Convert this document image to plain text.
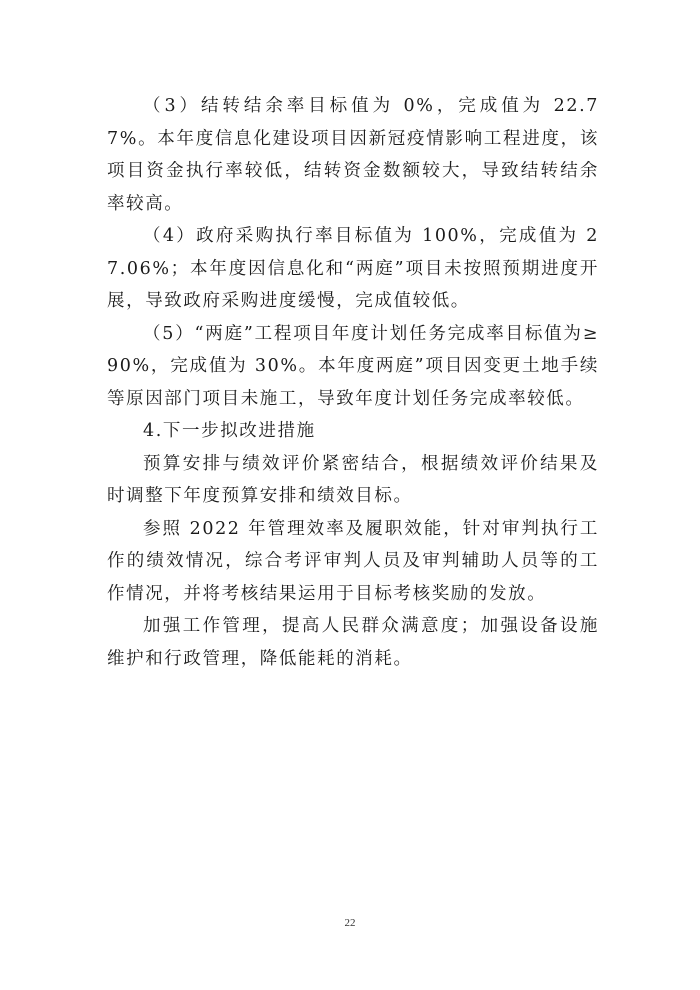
（3）结转结余率目标值为 0%，完成值为 22.77%。本年度信息化建设项目因新冠疫情影响工程进度，该项目资金执行率较低，结转资金数额较大，导致结转结余率较高。

（4）政府采购执行率目标值为 100%，完成值为 27.06%；本年度因信息化和“两庭”项目未按照预期进度开展，导致政府采购进度缓慢，完成值较低。

（5）“两庭”工程项目年度计划任务完成率目标值为≥90%，完成值为 30%。本年度两庭”项目因变更土地手续等原因部门项目未施工，导致年度计划任务完成率较低。

4.下一步拟改进措施

预算安排与绩效评价紧密结合，根据绩效评价结果及时调整下年度预算安排和绩效目标。

参照 2022 年管理效率及履职效能，针对审判执行工作的绩效情况，综合考评审判人员及审判辅助人员等的工作情况，并将考核结果运用于目标考核奖励的发放。

加强工作管理，提高人民群众满意度；加强设备设施维护和行政管理，降低能耗的消耗。

22
